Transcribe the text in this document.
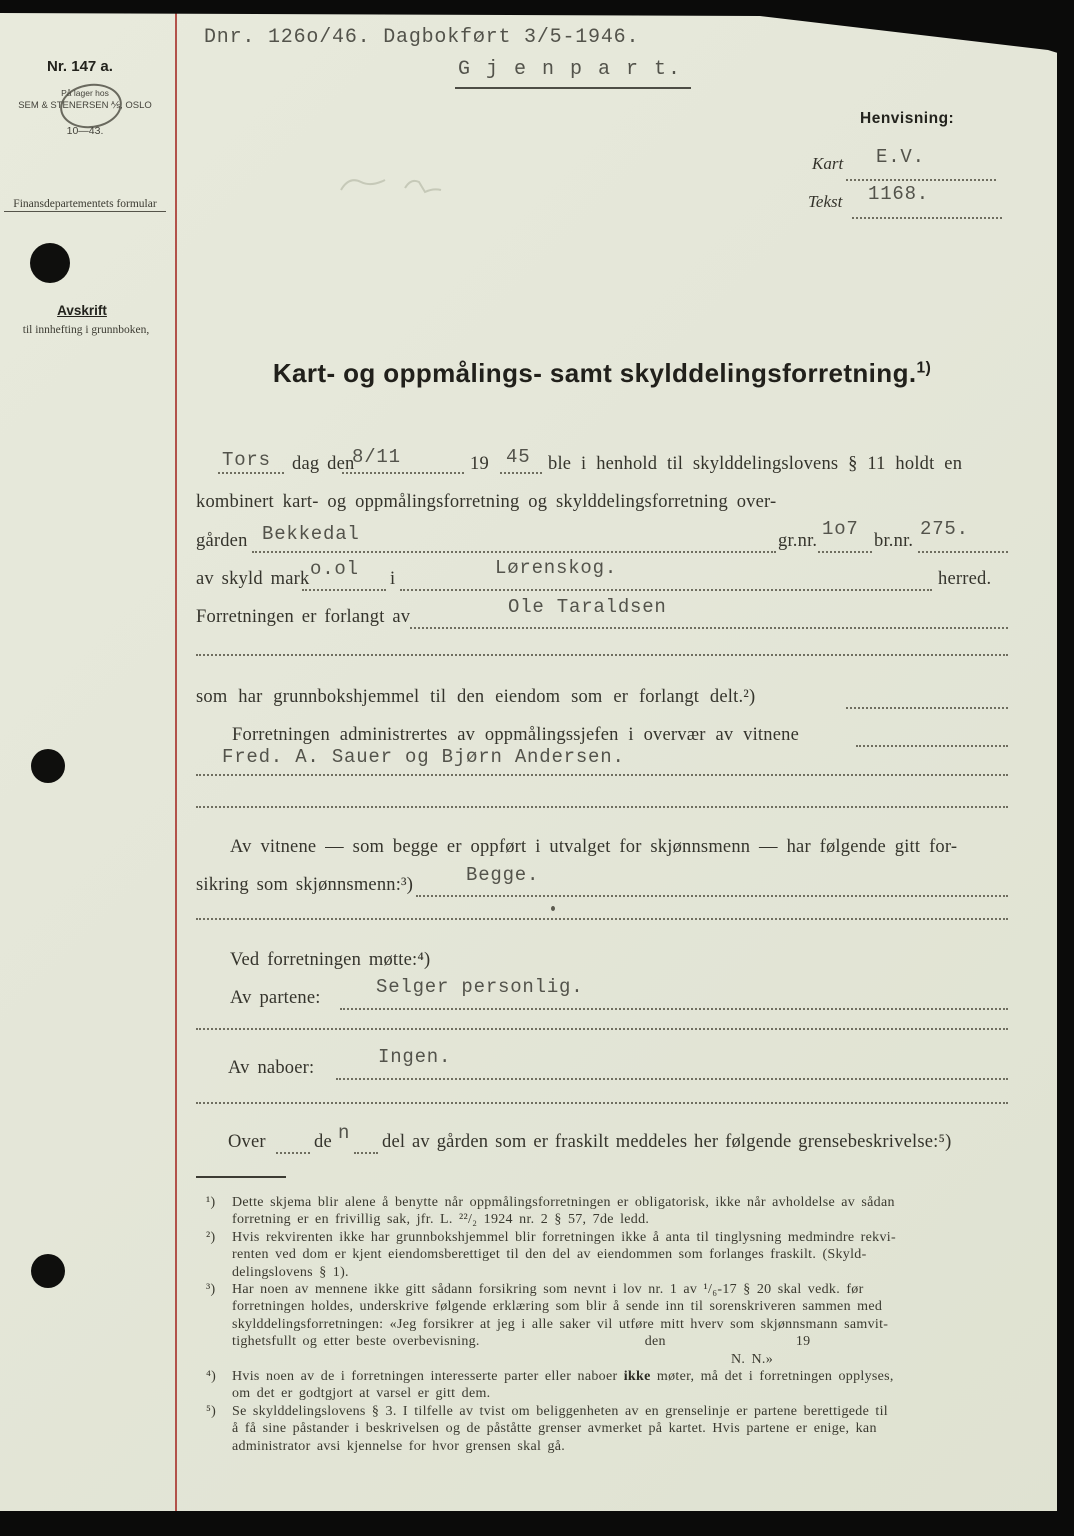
Nr. 147 a.
På lager hos
SEM & STENERSEN ⅍, OSLO
10—43.
Finansdepartementets formular
Avskrift
til innhefting i grunnboken,
Dnr. 126o/46. Dagbokført 3/5-1946.
G j e n p a r t.
Henvisning:
Kart E.V.
Tekst 1168.
Kart- og oppmålings- samt skylddelingsforretning.$^{1)}$
Tors dag den
8/11	19 45 ble i henhold til skylddelingslovens § 11 holdt en
kombinert kart- og oppmålingsforretning og skylddelingsforretning over-
gården Bekkedal	gr.nr.
1o7
br.nr.
275.
av skyld mark o.ol i	Lørenskog.	herred.
Forretningen er forlangt av	Ole Taraldsen
som har grunnbokshjemmel til den eiendom som er forlangt delt.²)
Forretningen administrertes av oppmålingssjefen i overvær av vitnene
Fred. A. Sauer og Bjørn Andersen.
Av vitnene — som begge er oppført i utvalget for skjønnsmenn — har følgende gitt for-
sikring som skjønnsmenn:³)	Begge.
Ved forretningen møtte:⁴)
Av partene:	Selger personlig.
Av naboer:	Ingen.
Over	de n del av gården som er fraskilt meddeles her følgende grensebeskrivelse:⁵)
¹) Dette skjema blir alene å benytte når oppmålingsforretningen er obligatorisk, ikke når avholdelse av sådan
forretning er en frivillig sak, jfr. L. ²²/₂ 1924 nr. 2 § 57, 7de ledd.
²) Hvis rekvirenten ikke har grunnbokshjemmel blir forretningen ikke å anta til tinglysning medmindre rekvi-
renten ved dom er kjent eiendomsberettiget til den del av eiendommen som forlanges fraskilt. (Skyld-
delingslovens § 1).
³) Har noen av mennene ikke gitt sådann forsikring som nevnt i lov nr. 1 av ¹/₆-17 § 20 skal vedk. før
forretningen holdes, underskrive følgende erklæring som blir å sende inn til sorenskriveren sammen med
skylddelingsforretningen: «Jeg forsikrer at jeg i alle saker vil utføre mitt hverv som skjønnsmann samvit-
tighetsfullt og etter beste overbevisning.	den	19
N. N.»
⁴) Hvis noen av de i forretningen interesserte parter eller naboer ikke møter, må det i forretningen opplyses,
om det er godtgjort at varsel er gitt dem.
⁵) Se skylddelingslovens § 3. I tilfelle av tvist om beliggenheten av en grenselinje er partene berettigede til
å få sine påstander i beskrivelsen og de påståtte grenser avmerket på kartet. Hvis partene er enige, kan
administrator avsi kjennelse for hvor grensen skal gå.
